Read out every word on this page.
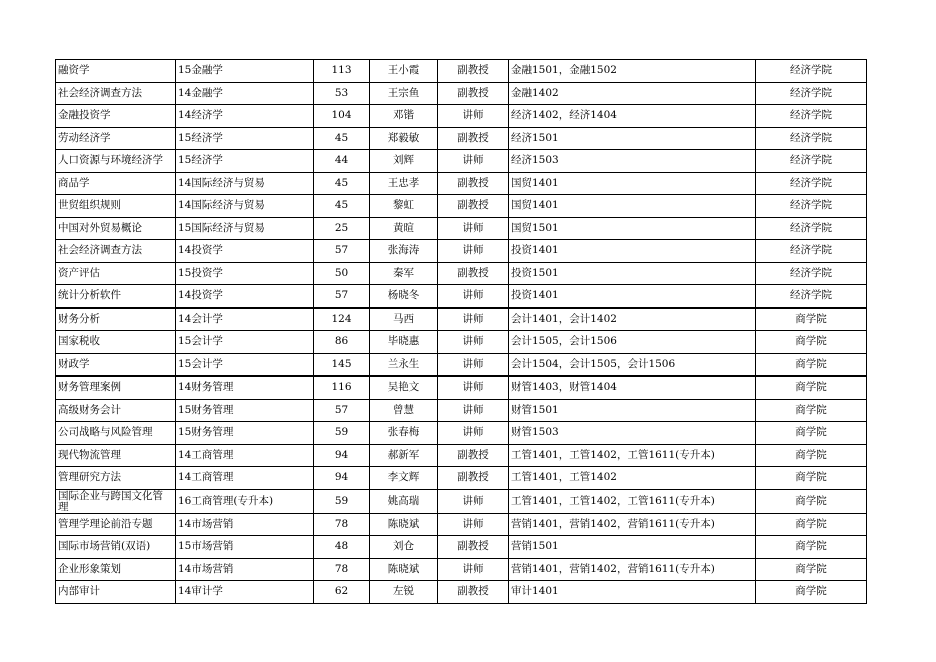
融资学	15金融学	113	王小霞	副教授	金融1501，金融1502	经济学院
社会经济调查方法	14金融学	53	王宗鱼	副教授	金融1402	经济学院
金融投资学	14经济学	104	邓锴	讲师	经济1402，经济1404	经济学院
劳动经济学	15经济学	45	郑毅敏	副教授	经济1501	经济学院
人口资源与环境经济学	15经济学	44	刘辉	讲师	经济1503	经济学院
商品学	14国际经济与贸易	45	王忠孝	副教授	国贸1401	经济学院
世贸组织规则	14国际经济与贸易	45	黎虹	副教授	国贸1401	经济学院
中国对外贸易概论	15国际经济与贸易	25	黄暄	讲师	国贸1501	经济学院
社会经济调查方法	14投资学	57	张海涛	讲师	投资1401	经济学院
资产评估	15投资学	50	秦军	副教授	投资1501	经济学院
统计分析软件	14投资学	57	杨晓冬	讲师	投资1401	经济学院
财务分析	14会计学	124	马西	讲师	会计1401，会计1402	商学院
国家税收	15会计学	86	毕晓惠	讲师	会计1505，会计1506	商学院
财政学	15会计学	145	兰永生	讲师	会计1504，会计1505，会计1506	商学院
财务管理案例	14财务管理	116	吴艳文	讲师	财管1403，财管1404	商学院
高级财务会计	15财务管理	57	曾慧	讲师	财管1501	商学院
公司战略与风险管理	15财务管理	59	张春梅	讲师	财管1503	商学院
现代物流管理	14工商管理	94	郝新军	副教授	工管1401，工管1402，工管1611(专升本)	商学院
管理研究方法	14工商管理	94	李文辉	副教授	工管1401，工管1402	商学院
国际企业与跨国文化管理	16工商管理(专升本)	59	姚高瑞	讲师	工管1401，工管1402，工管1611(专升本)	商学院
管理学理论前沿专题	14市场营销	78	陈晓斌	讲师	营销1401，营销1402，营销1611(专升本)	商学院
国际市场营销(双语)	15市场营销	48	刘仓	副教授	营销1501	商学院
企业形象策划	14市场营销	78	陈晓斌	讲师	营销1401，营销1402，营销1611(专升本)	商学院
内部审计	14审计学	62	左锐	副教授	审计1401	商学院
